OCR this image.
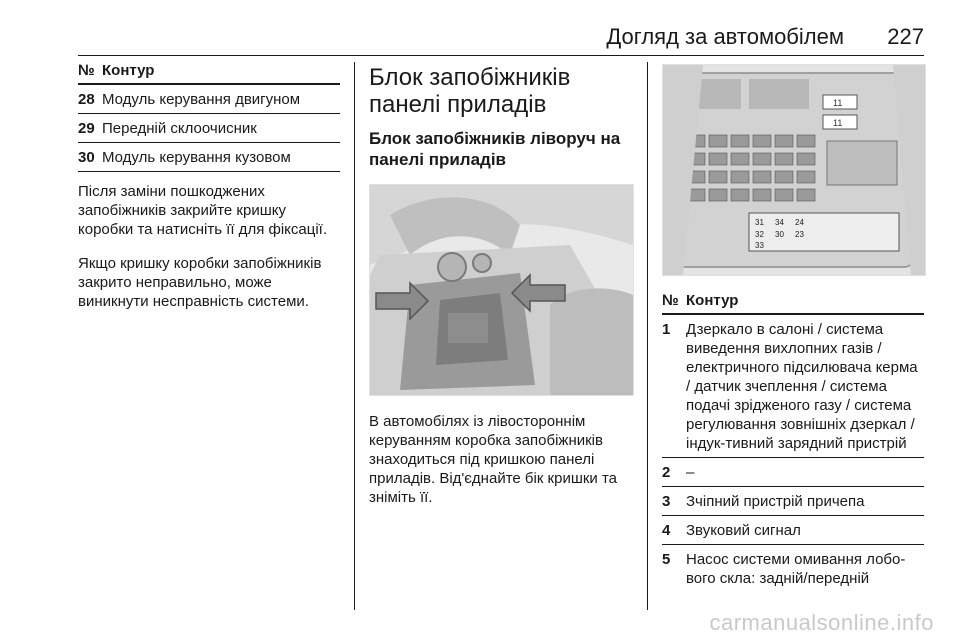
Догляд за автомобілем 227
№ Контур
28 Модуль керування двигуном
29 Передній склоочисник
30 Модуль керування кузовом

Після заміни пошкоджених запобіжників закрийте кришку коробки та натисніть її для фіксації.

Якщо кришку коробки запобіжників закрито неправильно, може виникнути несправність системи.

Блок запобіжників панелі приладів
Блок запобіжників ліворуч на панелі приладів

В автомобілях із лівостороннім керуванням коробка запобіжників знаходиться під кришкою панелі приладів. Від'єднайте бік кришки та зніміть її.

11
11
31 34 24
32 30 23
33
№ Контур
1	Дзеркало в салоні / система виведення вихлопних газів / електричного підсилювача керма / датчик зчеплення / система подачі зрідженого газу / система регулювання зовнішніх дзеркал / індук-тивний зарядний пристрій
2	–
3	Зчіпний пристрій причепа
4	Звуковий сигнал
5	Насос системи омивання лобо-вого скла: задній/передній
carmanualsonline.info
